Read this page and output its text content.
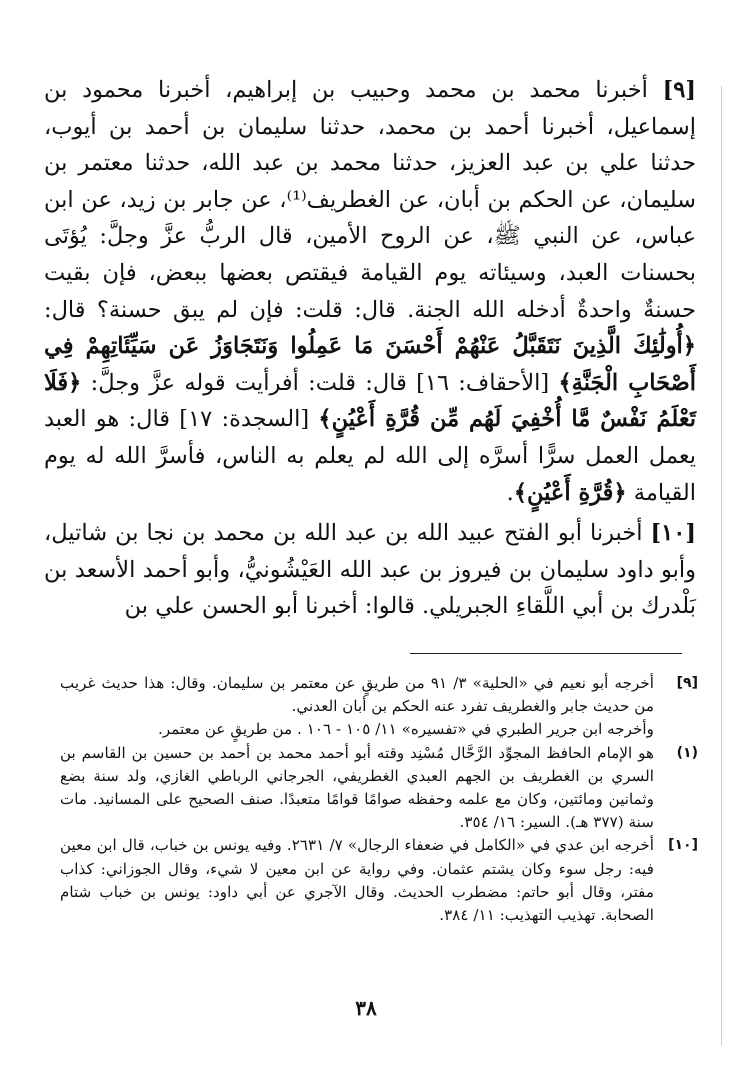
[٩] أخبرنا محمد بن محمد وحبيب بن إبراهيم، أخبرنا محمود بن إسماعيل، أخبرنا أحمد بن محمد، حدثنا سليمان بن أحمد بن أيوب، حدثنا علي بن عبد العزيز، حدثنا محمد بن عبد الله، حدثنا معتمر بن سليمان، عن الحكم بن أبان، عن الغطريف⁽¹⁾، عن جابر بن زيد، عن ابن عباس، عن النبي ﷺ، عن الروح الأمين، قال الربُّ عزَّ وجلَّ: يُؤتَى بحسنات العبد، وسيئاته يوم القيامة فيقتص بعضها ببعض، فإن بقيت حسنةٌ واحدةٌ أدخله الله الجنة. قال: قلت: فإن لم يبق حسنة؟ قال: ﴿أُولَٰئِكَ الَّذِينَ نَتَقَبَّلُ عَنْهُمْ أَحْسَنَ مَا عَمِلُوا وَنَتَجَاوَزُ عَن سَيِّئَاتِهِمْ فِي أَصْحَابِ الْجَنَّةِ﴾ [الأحقاف: ١٦] قال: قلت: أفرأيت قوله عزَّ وجلَّ: ﴿فَلَا تَعْلَمُ نَفْسٌ مَّا أُخْفِيَ لَهُم مِّن قُرَّةِ أَعْيُنٍ﴾ [السجدة: ١٧] قال: هو العبد يعمل العمل سرًّا أسرَّه إلى الله لم يعلم به الناس، فأسرَّ الله له يوم القيامة ﴿قُرَّةِ أَعْيُنٍ﴾.

[١٠] أخبرنا أبو الفتح عبيد الله بن عبد الله بن محمد بن نجا بن شاتيل، وأبو داود سليمان بن فيروز بن عبد الله العَيْشُونيُّ، وأبو أحمد الأسعد بن بَلْدرك بن أبي اللَّقاءِ الجبريلي. قالوا: أخبرنا أبو الحسن علي بن

[٩]
أخرجه أبو نعيم في «الحلية» ٣/ ٩١ من طريقٍ عن معتمر بن سليمان. وقال: هذا حديث غريب من حديث جابر والغطريف تفرد عنه الحكم بن أبان العدني.
وأخرجه ابن جرير الطبري في «تفسيره» ١١/ ١٠٥ - ١٠٦ . من طريقٍ عن معتمر.
(١)
هو الإمام الحافظ المجوِّد الرَّحَّال مُسْنِد وقته أبو أحمد محمد بن أحمد بن حسين بن القاسم بن السري بن الغطريف بن الجهم العبدي الغطريفي، الجرجاني الرباطي الغازي، ولد سنة بضع وثمانين ومائتين، وكان مع علمه وحفظه صوامًا قوامًا متعبدًا. صنف الصحيح على المسانيد. مات سنة (٣٧٧ هـ). السير: ١٦/ ٣٥٤.
[١٠]
أخرجه ابن عدي في «الكامل في ضعفاء الرجال» ٧/ ٢٦٣١. وفيه يونس بن خباب، قال ابن معين فيه: رجل سوء وكان يشتم عثمان. وفي رواية عن ابن معين لا شيء، وقال الجوزاني: كذاب مفتر، وقال أبو حاتم: مضطرب الحديث. وقال الآجري عن أبي داود: يونس بن خباب شتام الصحابة. تهذيب التهذيب: ١١/ ٣٨٤.
٣٨
